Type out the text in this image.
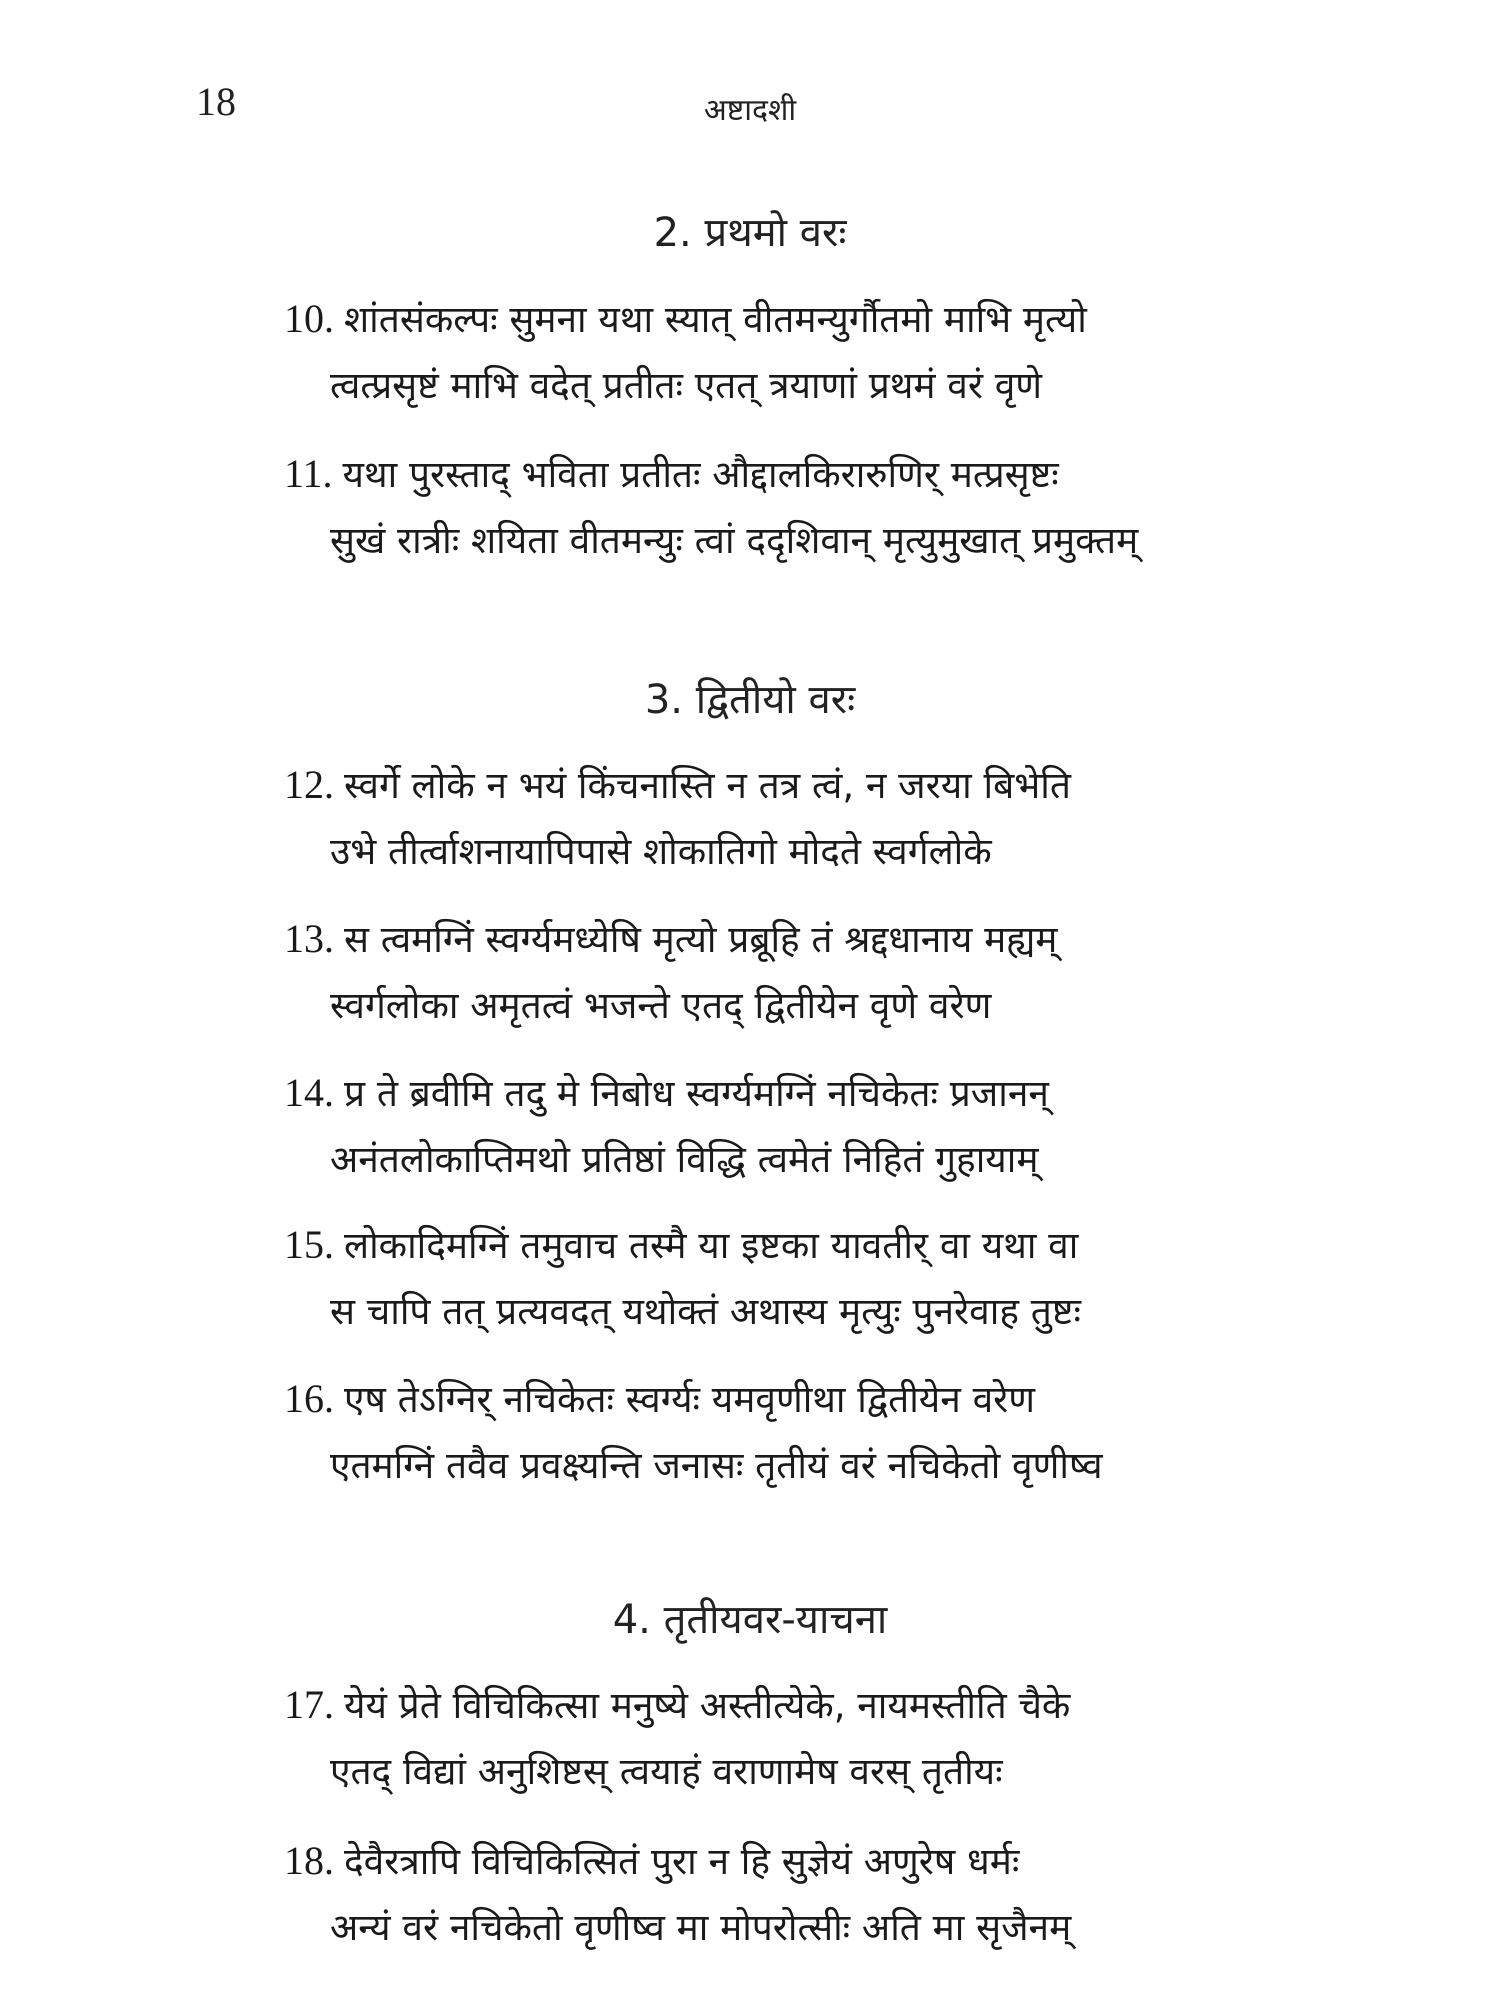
18	अष्टादशी
2. प्रथमो वरः
10. शांतसंकल्पः सुमना यथा स्यात् वीतमन्युर्गौतमो माभि मृत्यो
त्वत्प्रसृष्टं माभि वदेत् प्रतीतः एतत् त्रयाणां प्रथमं वरं वृणे
11. यथा पुरस्ताद् भविता प्रतीतः औद्दालकिरारुणिर् मत्प्रसृष्टः
सुखं रात्रीः शयिता वीतमन्युः त्वां ददृशिवान् मृत्युमुखात् प्रमुक्तम्
3. द्वितीयो वरः
12. स्वर्गे लोके न भयं किंचनास्ति न तत्र त्वं, न जरया बिभेति
उभे तीर्त्वाशनायापिपासे शोकातिगो मोदते स्वर्गलोके
13. स त्वमग्निं स्वर्ग्यमध्येषि मृत्यो प्रब्रूहि तं श्रद्दधानाय मह्यम्
स्वर्गलोका अमृतत्वं भजन्ते एतद् द्वितीयेन वृणे वरेण
14. प्र ते ब्रवीमि तदु मे निबोध स्वर्ग्यमग्निं नचिकेतः प्रजानन्
अनंतलोकाप्तिमथो प्रतिष्ठां विद्धि त्वमेतं निहितं गुहायाम्
15. लोकादिमग्निं तमुवाच तस्मै या इष्टका यावतीर् वा यथा वा
स चापि तत् प्रत्यवदत् यथोक्तं अथास्य मृत्युः पुनरेवाह तुष्टः
16. एष तेऽग्निर् नचिकेतः स्वर्ग्यः यमवृणीथा द्वितीयेन वरेण
एतमग्निं तवैव प्रवक्ष्यन्ति जनासः तृतीयं वरं नचिकेतो वृणीष्व
4. तृतीयवर-याचना
17. येयं प्रेते विचिकित्सा मनुष्ये अस्तीत्येके, नायमस्तीति चैके
एतद् विद्यां अनुशिष्टस् त्वयाहं वराणामेष वरस् तृतीयः
18. देवैरत्रापि विचिकित्सितं पुरा न हि सुज्ञेयं अणुरेष धर्मः
अन्यं वरं नचिकेतो वृणीष्व मा मोपरोत्सीः अति मा सृजैनम्
